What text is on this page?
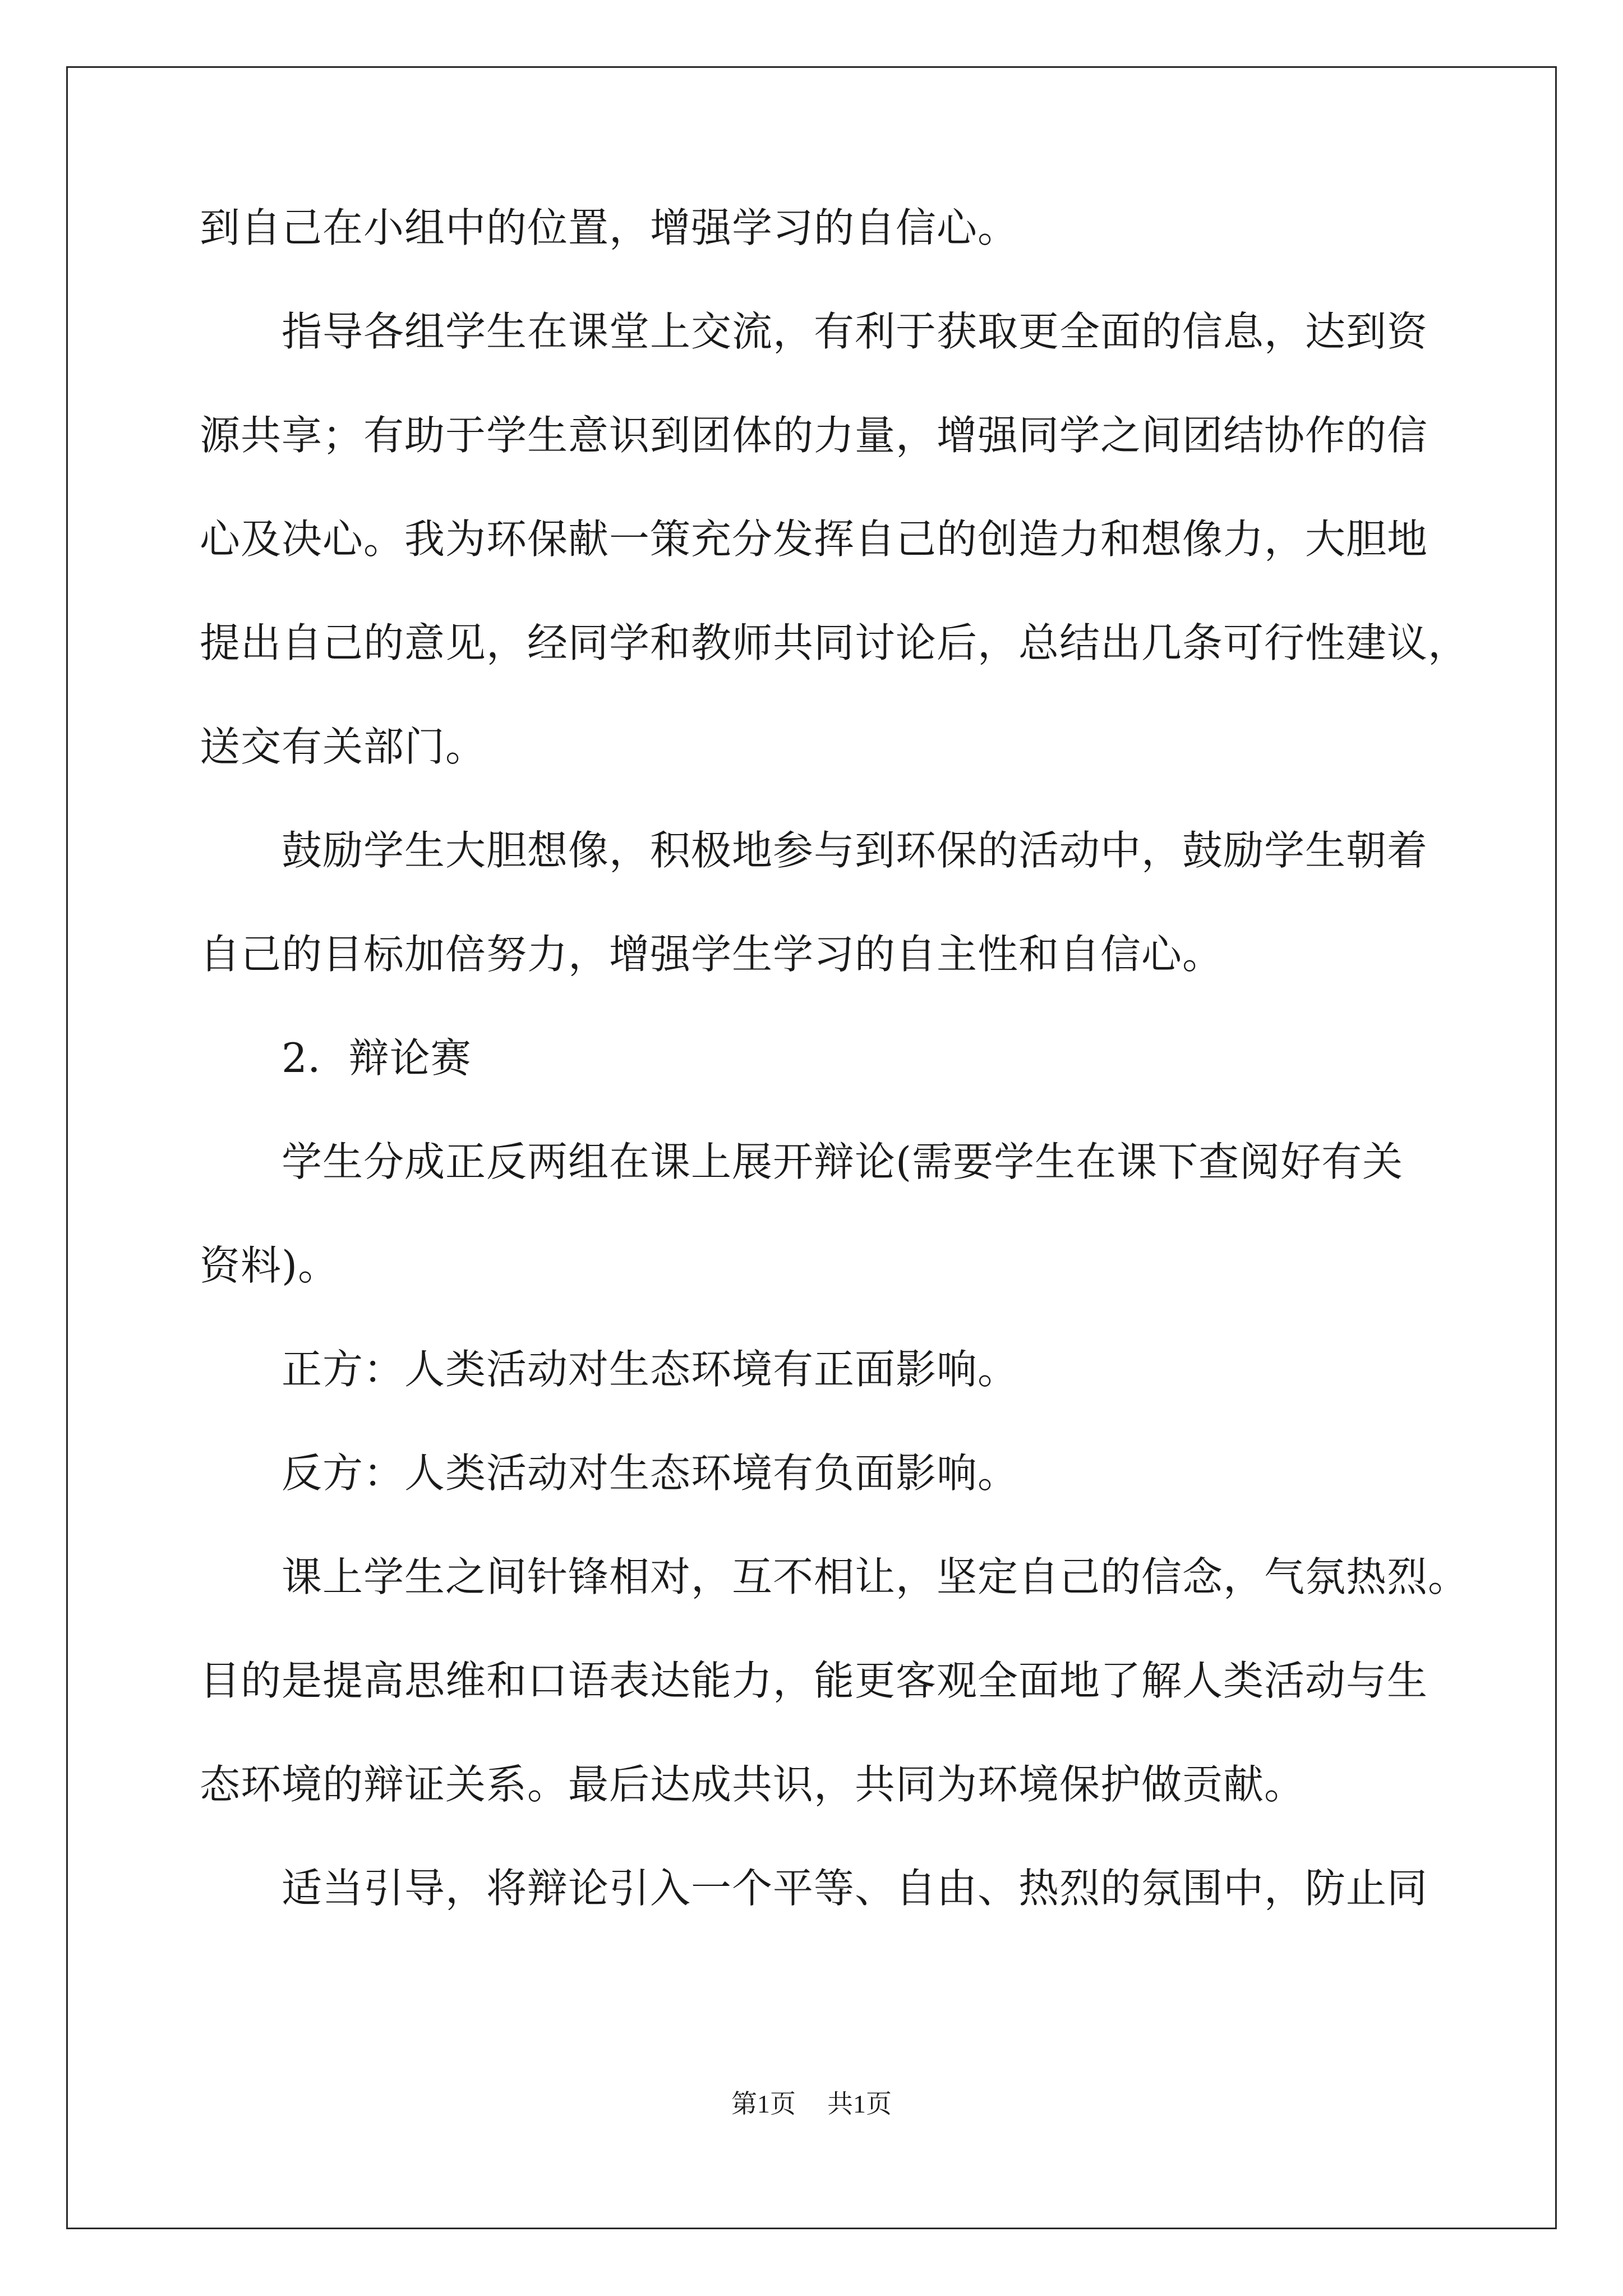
到自己在小组中的位置，增强学习的自信心。
指导各组学生在课堂上交流，有利于获取更全面的信息，达到资
源共享；有助于学生意识到团体的力量，增强同学之间团结协作的信
心及决心。我为环保献一策充分发挥自己的创造力和想像力，大胆地
提出自己的意见，经同学和教师共同讨论后，总结出几条可行性建议，
送交有关部门。
鼓励学生大胆想像，积极地参与到环保的活动中，鼓励学生朝着
自己的目标加倍努力，增强学生学习的自主性和自信心。
2．辩论赛
学生分成正反两组在课上展开辩论(需要学生在课下查阅好有关
资料)。
正方：人类活动对生态环境有正面影响。
反方：人类活动对生态环境有负面影响。
课上学生之间针锋相对，互不相让，坚定自己的信念，气氛热烈。
目的是提高思维和口语表达能力，能更客观全面地了解人类活动与生
态环境的辩证关系。最后达成共识，共同为环境保护做贡献。
适当引导，将辩论引入一个平等、自由、热烈的氛围中，防止同
第1页 共1页
